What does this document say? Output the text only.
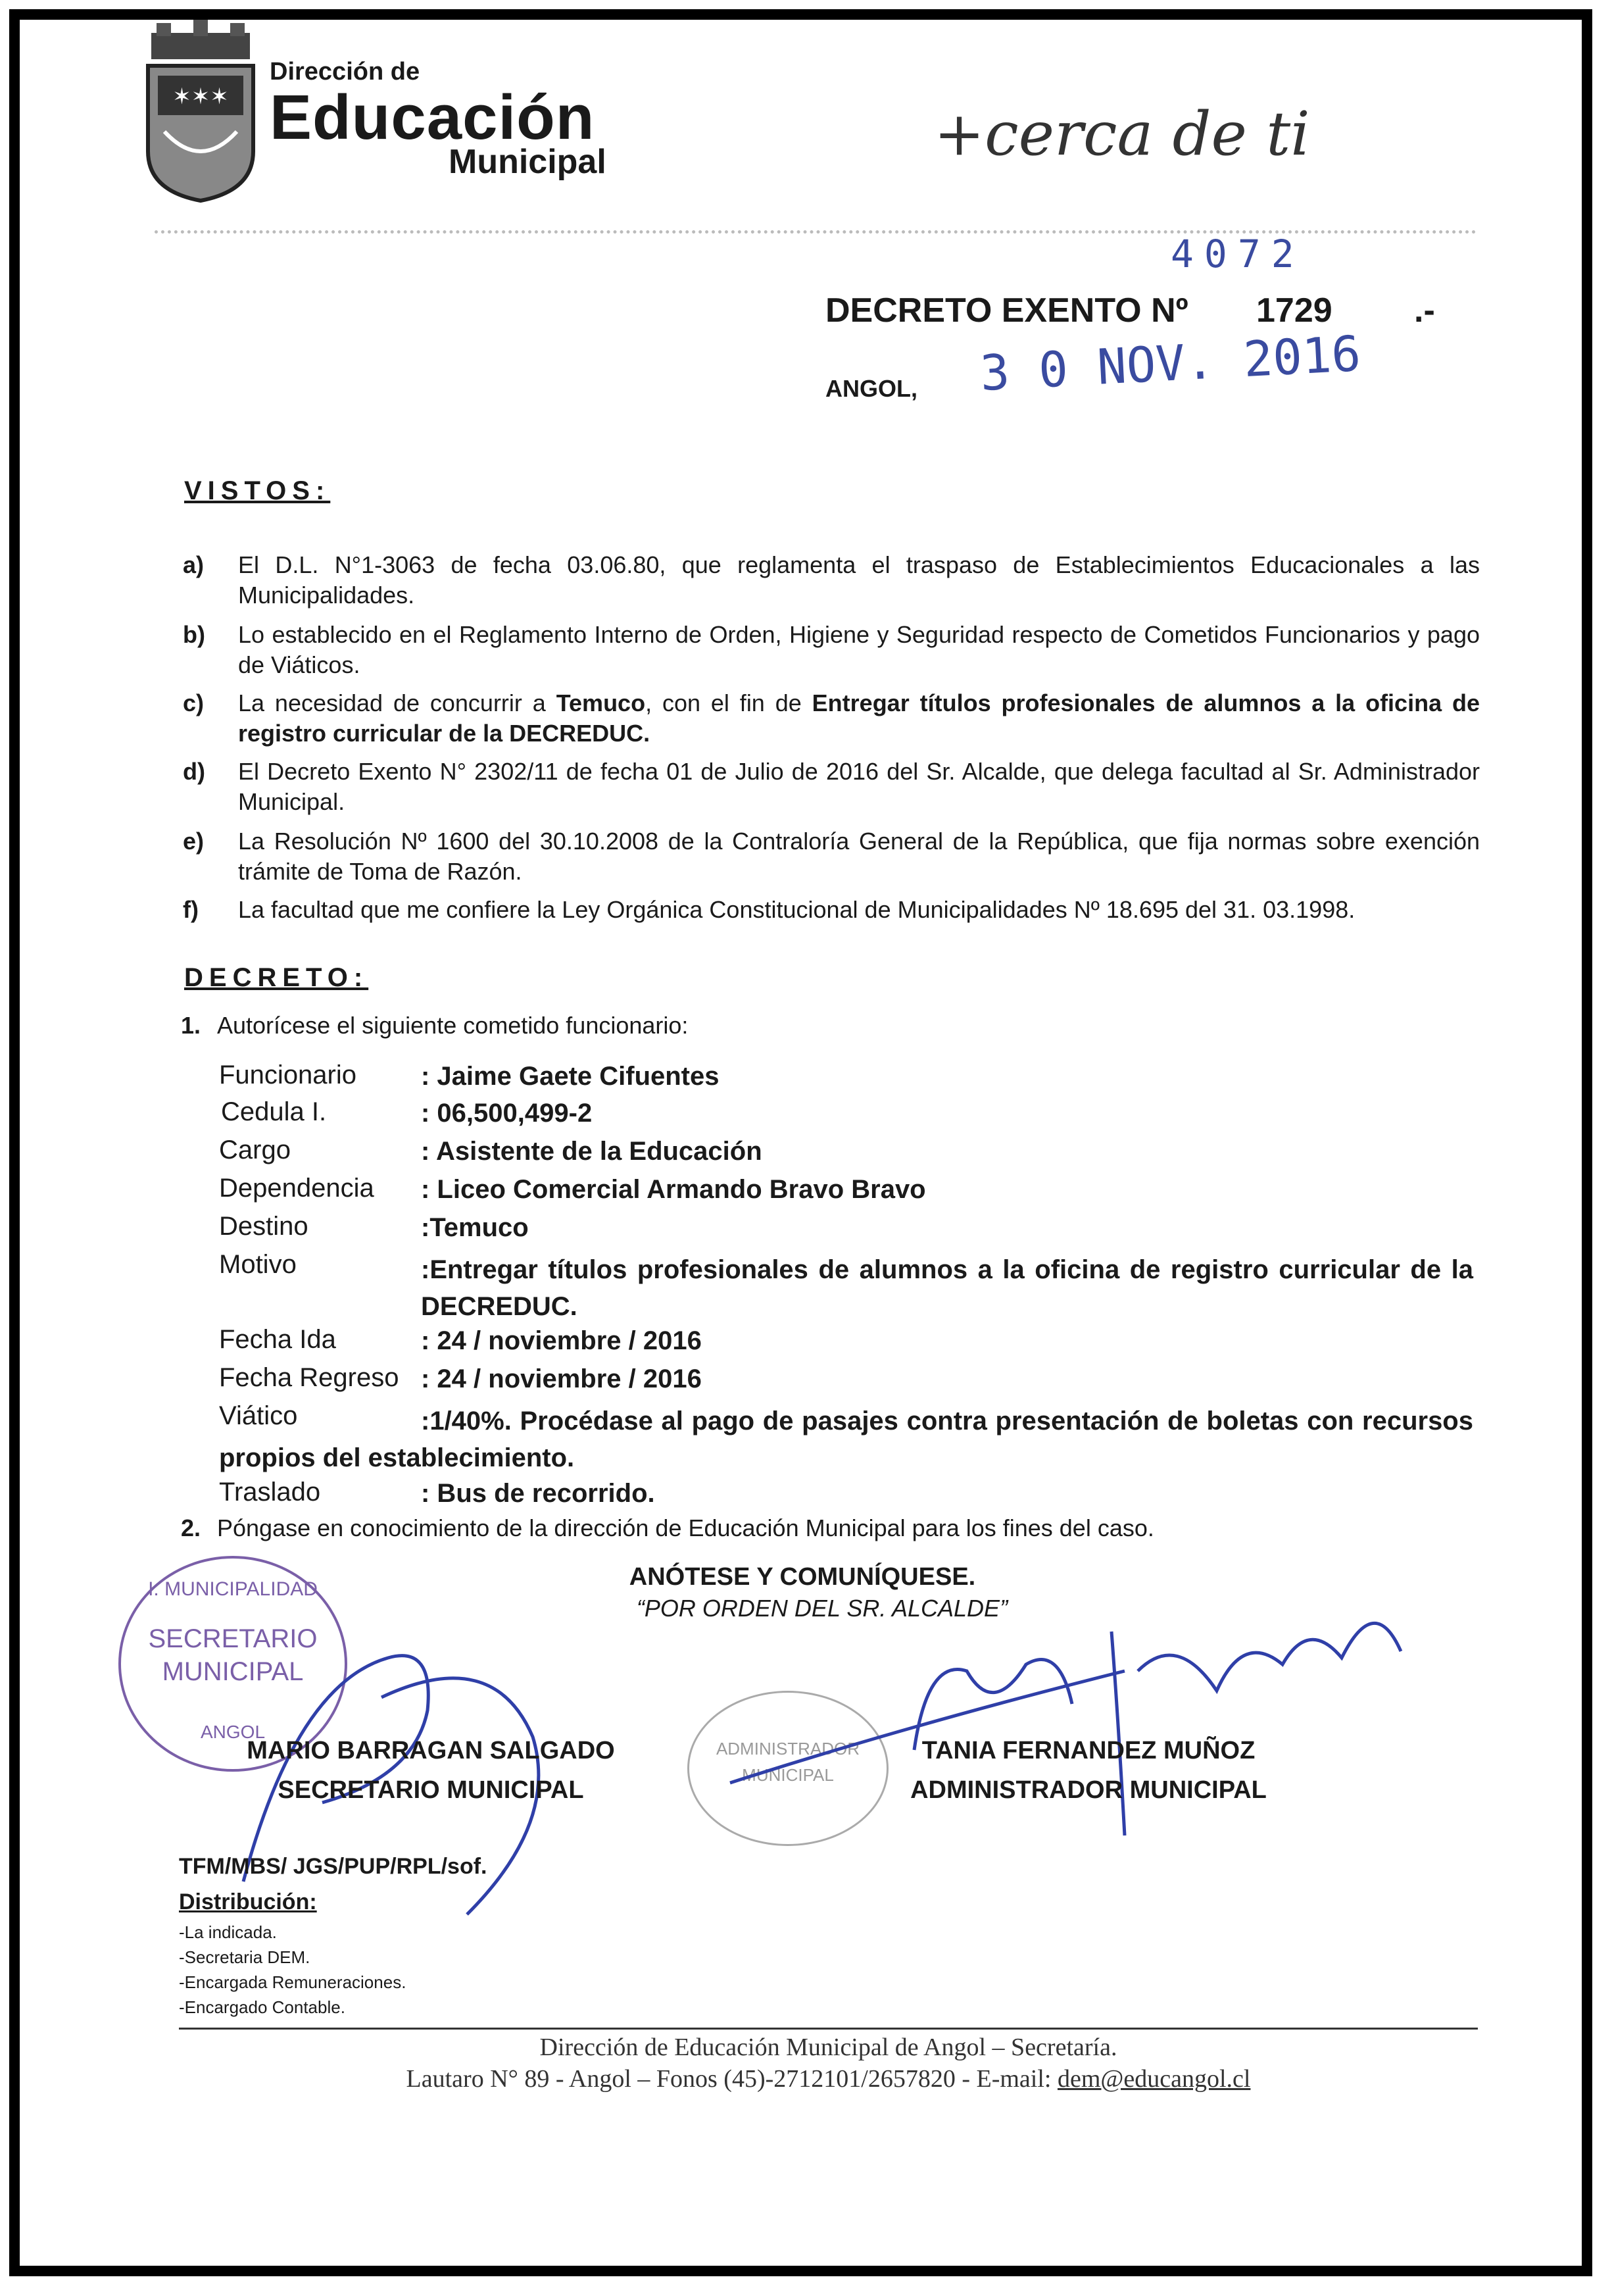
✶✶✶
Dirección de
Educación
Municipal	+cerca de ti
4072
DECRETO EXENTO Nº 1729 .-
ANGOL, 3 0 NOV. 2016
VISTOS:
a) El D.L. N°1-3063 de fecha 03.06.80, que reglamenta el traspaso de Establecimientos Educacionales a las Municipalidades.
b) Lo establecido en el Reglamento Interno de Orden, Higiene y Seguridad respecto de Cometidos Funcionarios y pago de Viáticos.
c) La necesidad de concurrir a Temuco, con el fin de Entregar títulos profesionales de alumnos a la oficina de registro curricular de la DECREDUC.
d) El Decreto Exento N° 2302/11 de fecha 01 de Julio de 2016 del Sr. Alcalde, que delega facultad al Sr. Administrador Municipal.
e) La Resolución Nº 1600 del 30.10.2008 de la Contraloría General de la República, que fija normas sobre exención trámite de Toma de Razón.
f) La facultad que me confiere la Ley Orgánica Constitucional de Municipalidades Nº 18.695 del 31. 03.1998.
DECRETO:
1. Autorícese el siguiente cometido funcionario:
Funcionario : Jaime Gaete Cifuentes
Cedula I.	: 06,500,499-2
Cargo	: Asistente de la Educación
Dependencia : Liceo Comercial Armando Bravo Bravo
Destino	:Temuco
Motivo	:Entregar títulos profesionales de alumnos a la oficina de registro curricular de la DECREDUC.
Fecha Ida	: 24 / noviembre / 2016
Fecha Regreso : 24 / noviembre / 2016
Viático	:1/40%. Procédase al pago de pasajes contra presentación de boletas con recursos propios del establecimiento.
Traslado	: Bus de recorrido.
2. Póngase en conocimiento de la dirección de Educación Municipal para los fines del caso.
ANÓTESE Y COMUNÍQUESE.
“POR ORDEN DEL SR. ALCALDE”
I. MUNICIPALIDAD
SECRETARIO
MUNICIPAL
ANGOL
ADMINISTRADOR
MUNICIPAL
MARIO BARRAGAN SALGADO
SECRETARIO MUNICIPAL
TANIA FERNANDEZ MUÑOZ
ADMINISTRADOR MUNICIPAL
TFM/MBS/ JGS/PUP/RPL/sof.
Distribución:
-La indicada.
-Secretaria DEM.
-Encargada Remuneraciones.
-Encargado Contable.
Dirección de Educación Municipal de Angol – Secretaría.
Lautaro N° 89 - Angol – Fonos (45)-2712101/2657820 - E-mail: dem@educangol.cl
